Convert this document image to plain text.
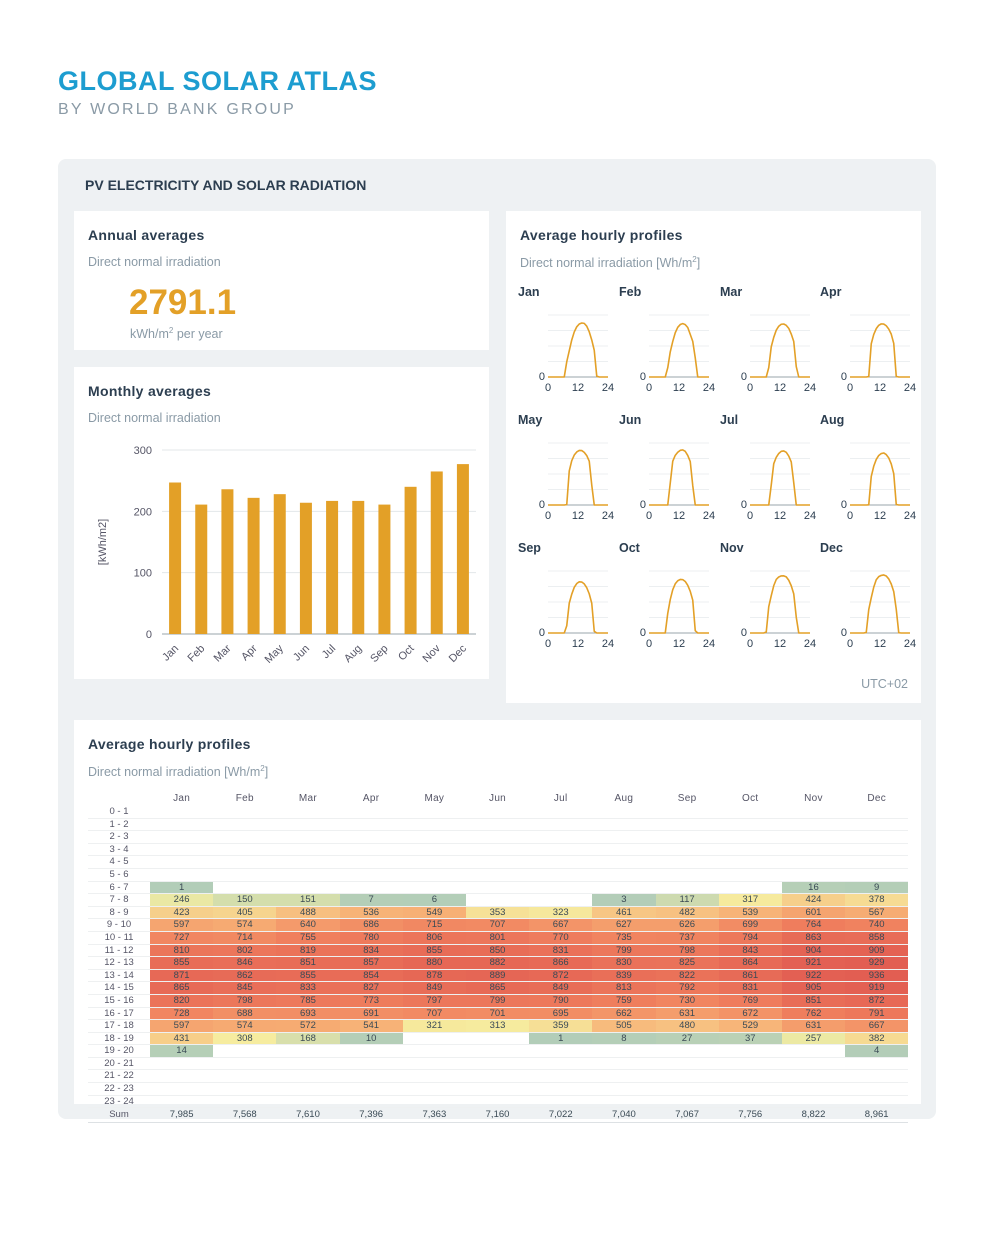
GLOBAL SOLAR ATLAS
BY WORLD BANK GROUP
PV ELECTRICITY AND SOLAR RADIATION
Annual averages
Direct normal irradiation
2791.1
kWh/$m^2$ per year
Monthly averages
Direct normal irradiation
0
100
200
300
[kWh/m2]
Jan Feb Mar Apr May Jun Jul Aug Sep Oct Nov Dec
Average hourly profiles
Direct normal irradiation $[Wh/m^2]$
Jan
0
0 12 24
Feb
0
0 12 24
Mar
0
0 12 24
Apr
0
0 12 24
May
0
0 12 24
Jun
0
0 12 24
Jul
0
0 12 24
Aug
0
0 12 24
Sep
0
0 12 24
Oct
0
0 12 24
Nov
0
0 12 24
Dec
0
0 12 24
UTC+02
Average hourly profiles
Direct normal irradiation $[Wh/m^2]$
	Jan	Feb	Mar	Apr	May	Jun	Jul	Aug	Sep	Oct	Nov	Dec
0 - 1												
1 - 2												
2 - 3												
3 - 4												
4 - 5												
5 - 6												
6 - 7	1										16	9
7 - 8	246	150	151	7	6			3	117	317	424	378
8 - 9	423	405	488	536	549	353	323	461	482	539	601	567
9 - 10	597	574	640	686	715	707	667	627	626	699	764	740
10 - 11	727	714	755	780	806	801	770	735	737	794	863	858
11 - 12	810	802	819	834	855	850	831	799	798	843	904	909
12 - 13	855	846	851	857	880	882	866	830	825	864	921	929
13 - 14	871	862	855	854	878	889	872	839	822	861	922	936
14 - 15	865	845	833	827	849	865	849	813	792	831	905	919
15 - 16	820	798	785	773	797	799	790	759	730	769	851	872
16 - 17	728	688	693	691	707	701	695	662	631	672	762	791
17 - 18	597	574	572	541	321	313	359	505	480	529	631	667
18 - 19	431	308	168	10			1	8	27	37	257	382
19 - 20	14											4
20 - 21												
21 - 22												
22 - 23												
23 - 24												
Sum	7,985	7,568	7,610	7,396	7,363	7,160	7,022	7,040	7,067	7,756	8,822	8,961
